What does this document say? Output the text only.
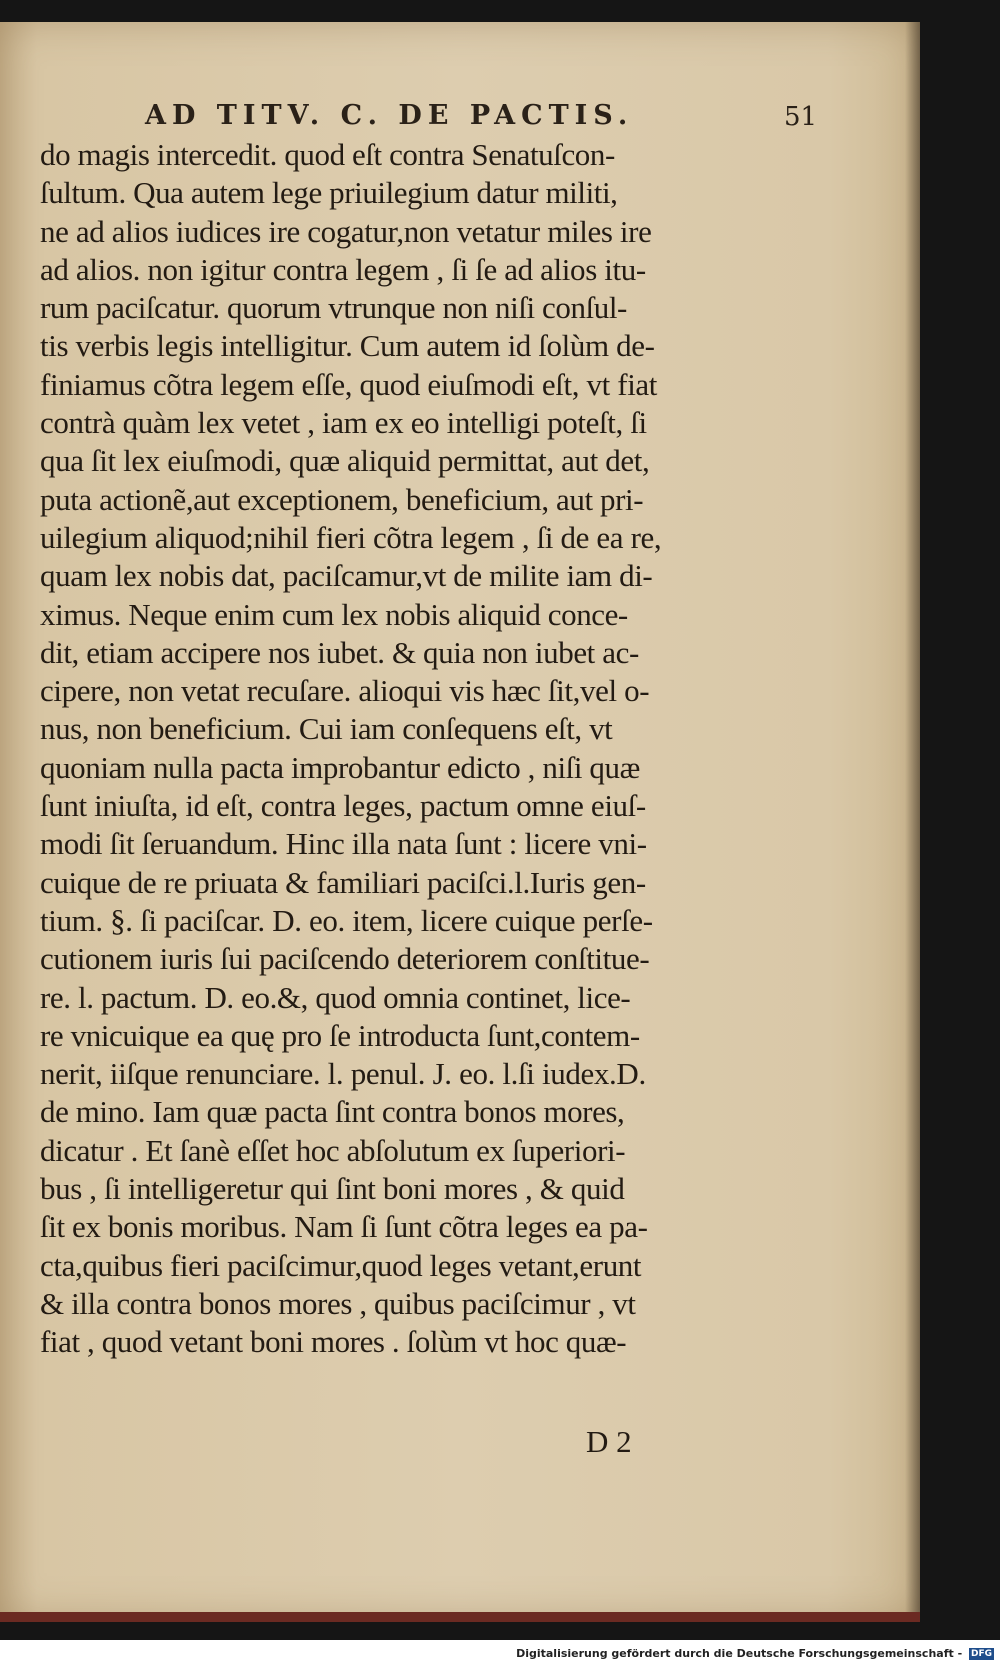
AD TITV. C. DE PACTIS.	51
do magis intercedit. quod eſt contra Senatuſcon-
ſultum. Qua autem lege priuilegium datur militi,
ne ad alios iudices ire cogatur,non vetatur miles ire
ad alios. non igitur contra legem , ſi ſe ad alios itu-
rum paciſcatur. quorum vtrunque non niſi conſul-
tis verbis legis intelligitur. Cum autem id ſolùm de-
finiamus cõtra legem eſſe, quod eiuſmodi eſt, vt fiat
contrà quàm lex vetet , iam ex eo intelligi poteſt, ſi
qua ſit lex eiuſmodi, quæ aliquid permittat, aut det,
puta actionẽ,aut exceptionem, beneficium, aut pri-
uilegium aliquod;nihil fieri cõtra legem , ſi de ea re,
quam lex nobis dat, paciſcamur,vt de milite iam di-
ximus. Neque enim cum lex nobis aliquid conce-
dit, etiam accipere nos iubet. & quia non iubet ac-
cipere, non vetat recuſare. alioqui vis hæc ſit,vel o-
nus, non beneficium. Cui iam conſequens eſt, vt
quoniam nulla pacta improbantur edicto , niſi quæ
ſunt iniuſta, id eſt, contra leges, pactum omne eiuſ-
modi ſit ſeruandum. Hinc illa nata ſunt : licere vni-
cuique de re priuata & familiari paciſci.l.Iuris gen-
tium. §. ſi paciſcar. D. eo. item, licere cuique perſe-
cutionem iuris ſui paciſcendo deteriorem conſtitue-
re. l. pactum. D. eo.&, quod omnia continet, lice-
re vnicuique ea quę pro ſe introducta ſunt,contem-
nerit, iiſque renunciare. l. penul. J. eo. l.ſi iudex.D.
de mino. Iam quæ pacta ſint contra bonos mores,
dicatur . Et ſanè eſſet hoc abſolutum ex ſuperiori-
bus , ſi intelligeretur qui ſint boni mores , & quid
ſit ex bonis moribus. Nam ſi ſunt cõtra leges ea pa-
cta,quibus fieri paciſcimur,quod leges vetant,erunt
& illa contra bonos mores , quibus paciſcimur , vt
fiat , quod vetant boni mores . ſolùm vt hoc quæ-
D 2
Digitalisierung gefördert durch die Deutsche Forschungsgemeinschaft - DFG
